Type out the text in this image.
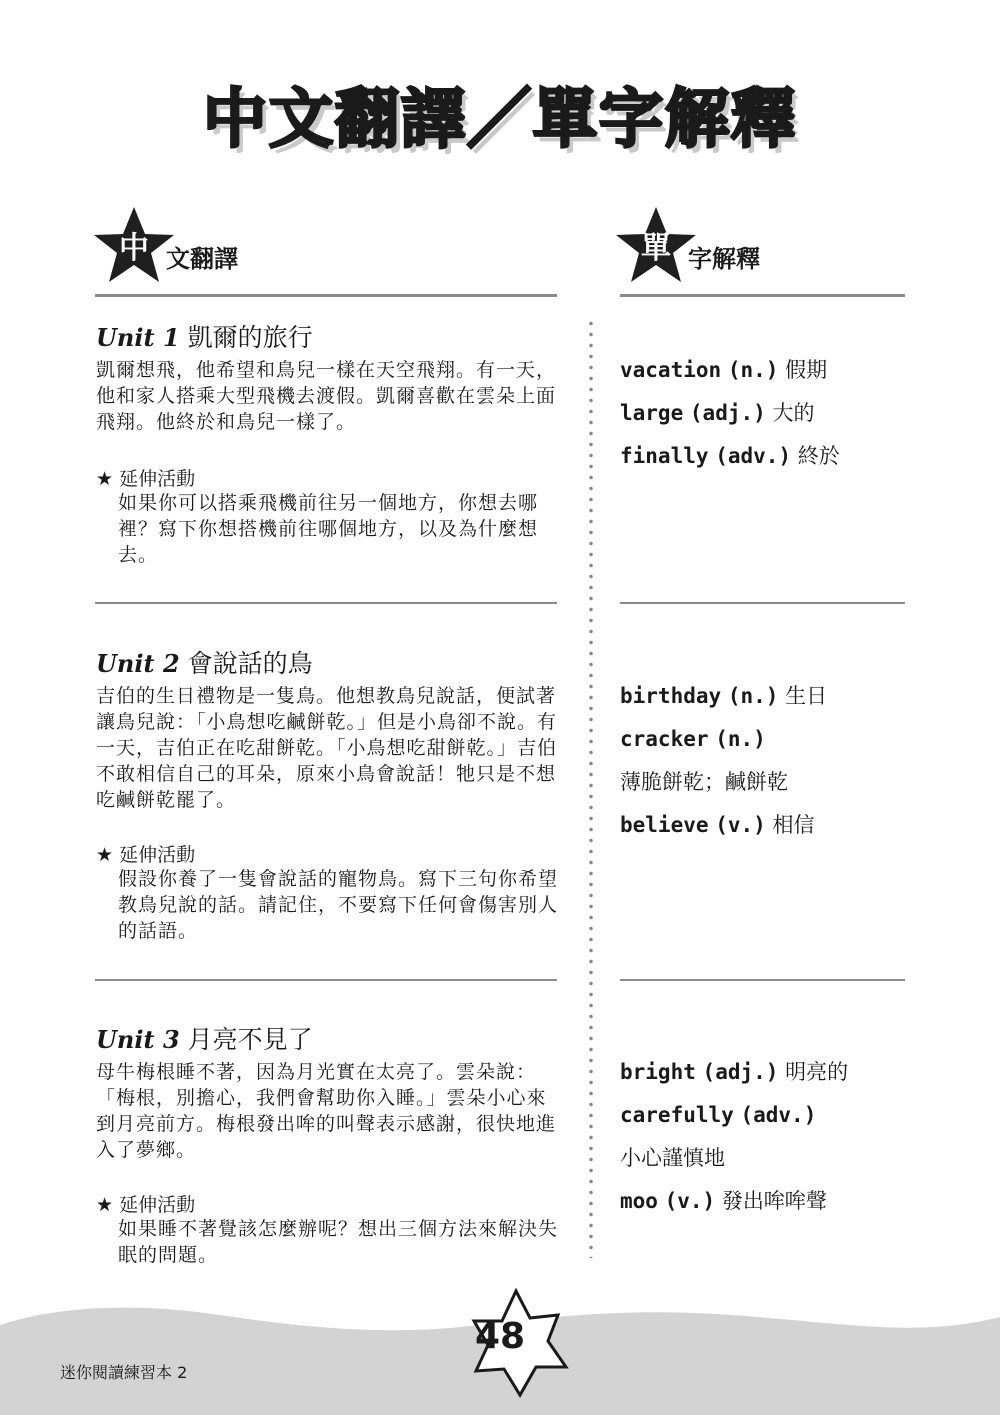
中文翻譯／單字解釋
中 文翻譯	單 字解釋
Unit 1 凱爾的旅行
凱爾想飛，他希望和鳥兒一樣在天空飛翔。有一天，他和家人搭乘大型飛機去渡假。凱爾喜歡在雲朵上面飛翔。他終於和鳥兒一樣了。
★ 延伸活動
如果你可以搭乘飛機前往另一個地方，你想去哪裡？寫下你想搭機前往哪個地方，以及為什麼想去。
vacation (n.) 假期
large (adj.) 大的
finally (adv.) 終於
Unit 2 會說話的鳥
吉伯的生日禮物是一隻鳥。他想教鳥兒說話，便試著讓鳥兒說：「小鳥想吃鹹餅乾。」但是小鳥卻不說。有一天，吉伯正在吃甜餅乾。「小鳥想吃甜餅乾。」吉伯不敢相信自己的耳朵，原來小鳥會說話！牠只是不想吃鹹餅乾罷了。
★ 延伸活動
假設你養了一隻會說話的寵物鳥。寫下三句你希望教鳥兒說的話。請記住，不要寫下任何會傷害別人的話語。
birthday (n.) 生日
cracker (n.)
薄脆餅乾；鹹餅乾
believe (v.) 相信
Unit 3 月亮不見了
母牛梅根睡不著，因為月光實在太亮了。雲朵說：「梅根，別擔心，我們會幫助你入睡。」雲朵小心來到月亮前方。梅根發出哞的叫聲表示感謝，很快地進入了夢鄉。
★ 延伸活動
如果睡不著覺該怎麼辦呢？想出三個方法來解決失眠的問題。
bright (adj.) 明亮的
carefully (adv.)
小心謹慎地
moo (v.) 發出哞哞聲
48
迷你閱讀練習本 2
